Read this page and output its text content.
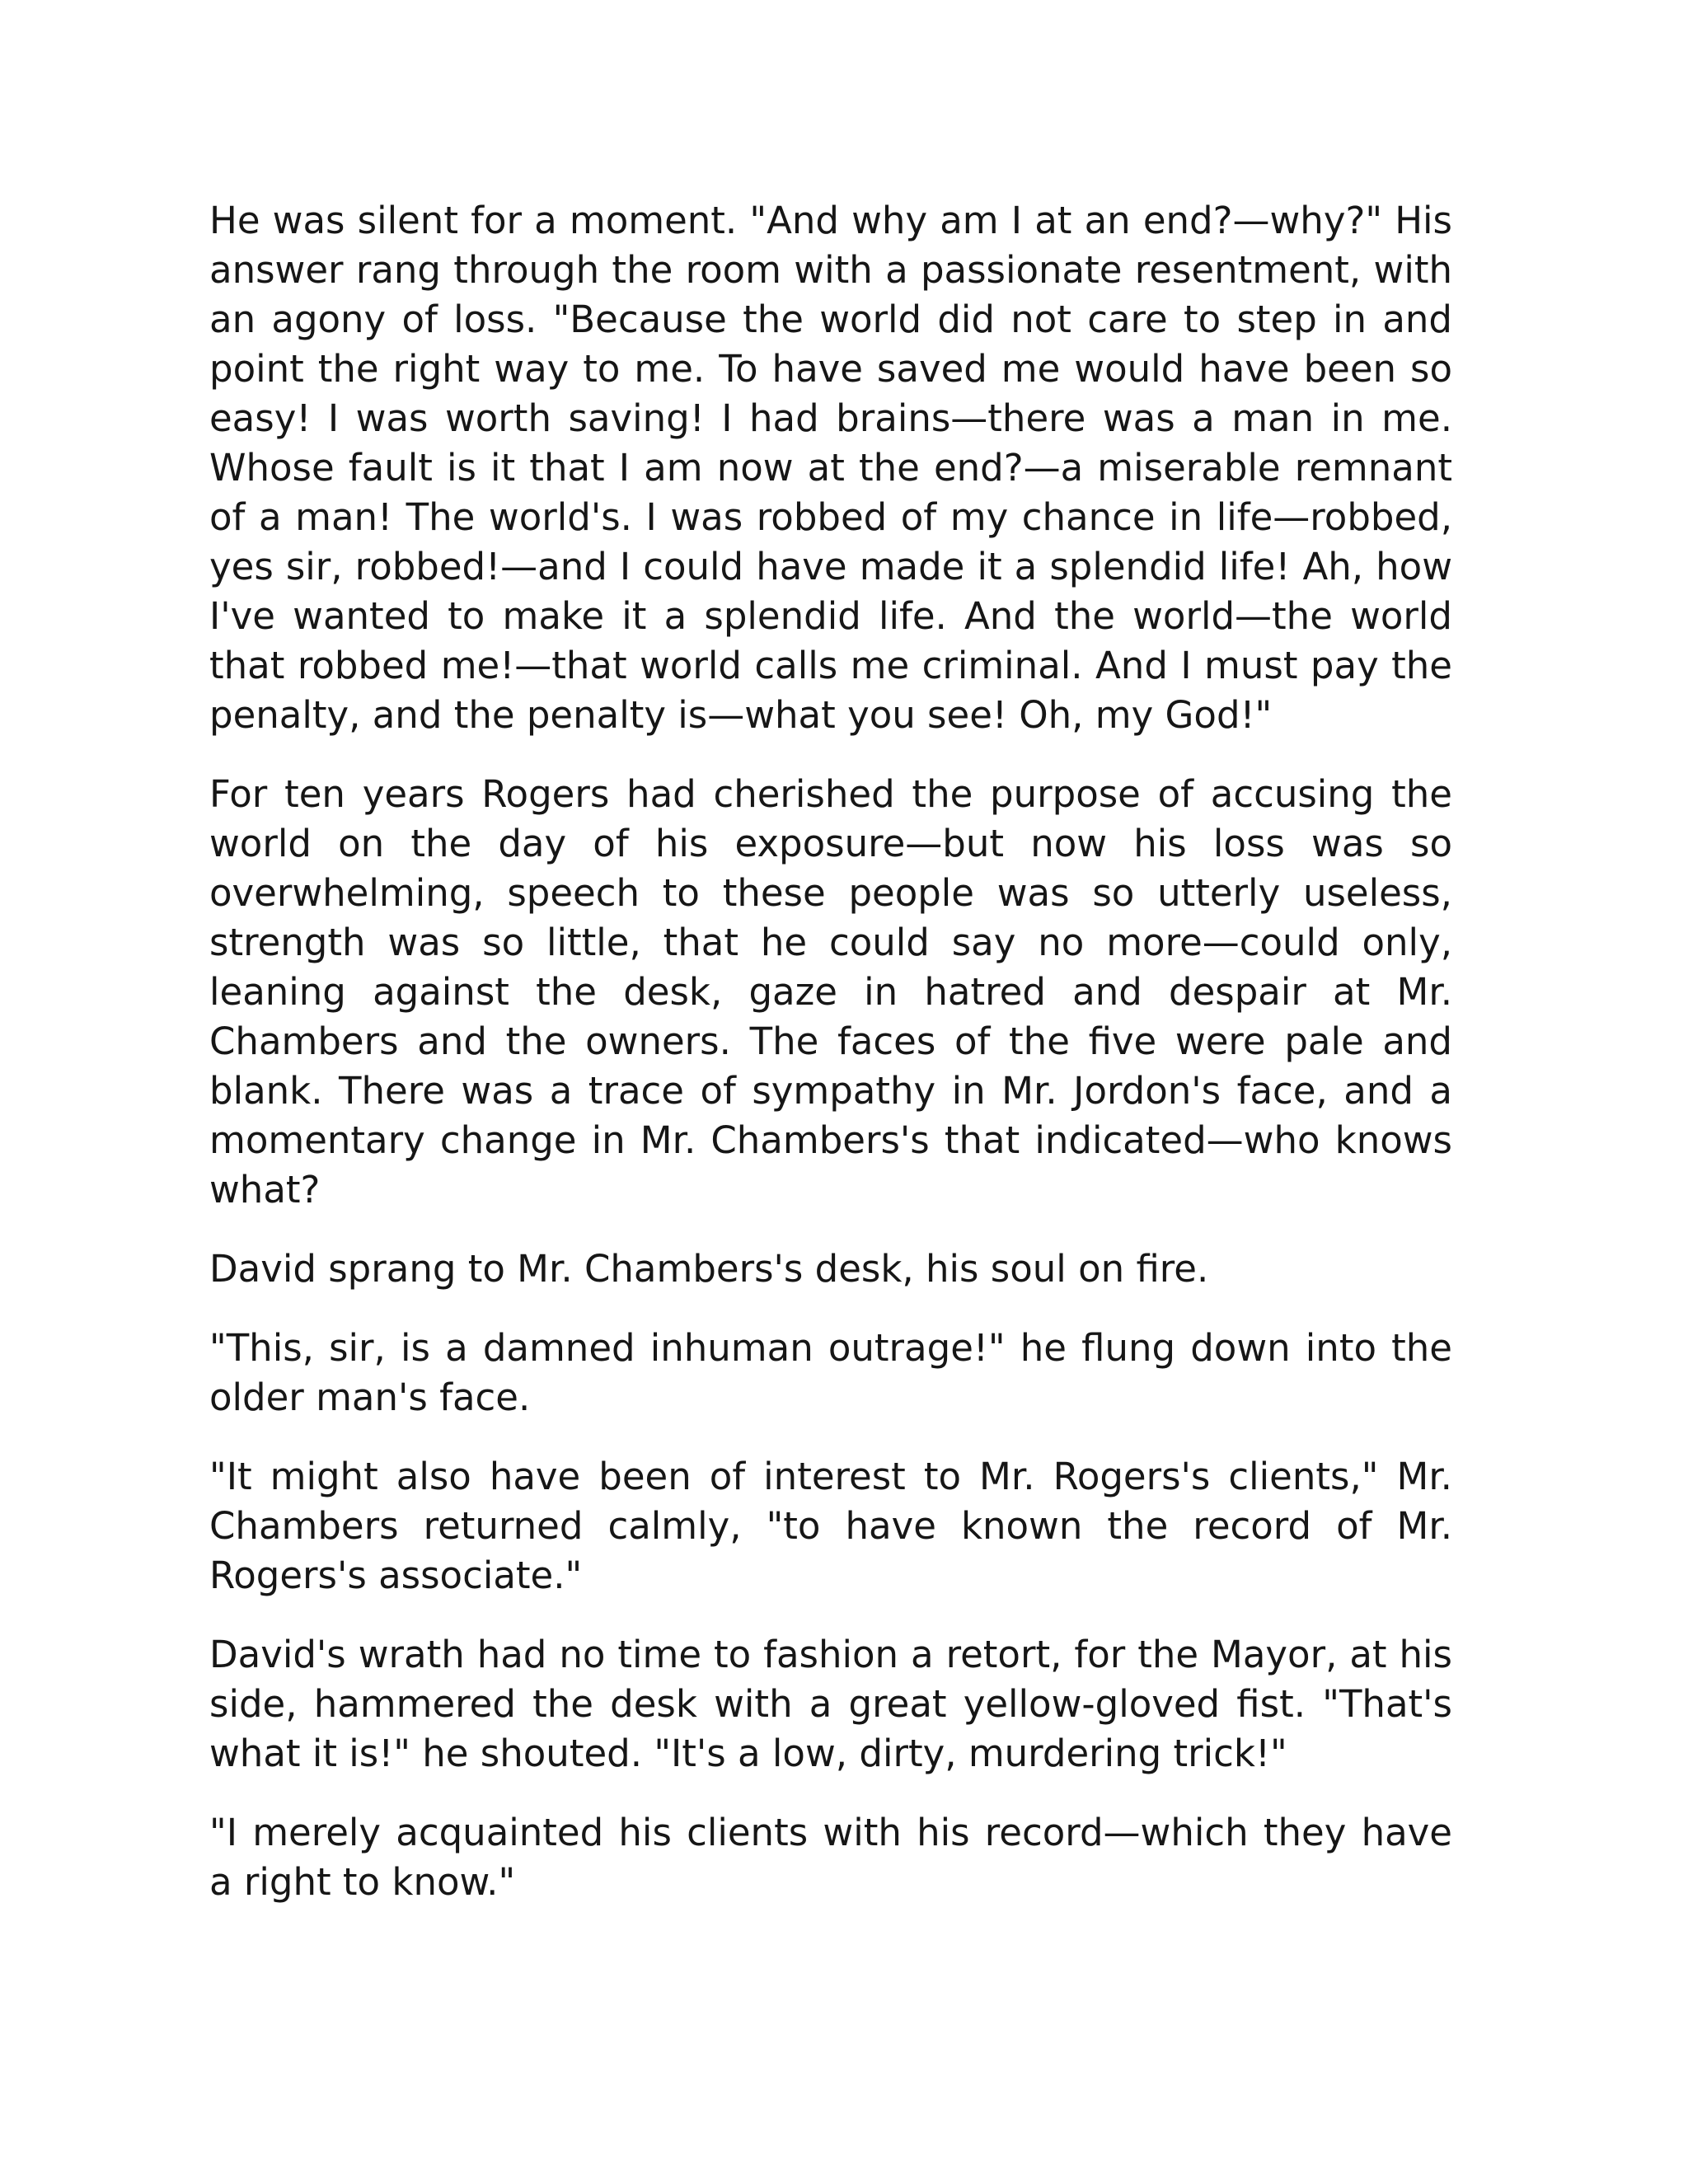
He was silent for a moment. "And why am I at an end?—why?" His answer rang through the room with a passionate resentment, with an agony of loss. "Because the world did not care to step in and point the right way to me. To have saved me would have been so easy! I was worth saving! I had brains—there was a man in me. Whose fault is it that I am now at the end?—a miserable remnant of a man! The world's. I was robbed of my chance in life—robbed, yes sir, robbed!—and I could have made it a splendid life! Ah, how I've wanted to make it a splendid life. And the world—the world that robbed me!—that world calls me criminal. And I must pay the penalty, and the penalty is—what you see! Oh, my God!"

For ten years Rogers had cherished the purpose of accusing the world on the day of his exposure—but now his loss was so overwhelming, speech to these people was so utterly useless, strength was so little, that he could say no more—could only, leaning against the desk, gaze in hatred and despair at Mr. Chambers and the owners. The faces of the five were pale and blank. There was a trace of sympathy in Mr. Jordon's face, and a momentary change in Mr. Chambers's that indicated—who knows what?

David sprang to Mr. Chambers's desk, his soul on fire.

"This, sir, is a damned inhuman outrage!" he flung down into the older man's face.

"It might also have been of interest to Mr. Rogers's clients," Mr. Chambers returned calmly, "to have known the record of Mr. Rogers's associate."

David's wrath had no time to fashion a retort, for the Mayor, at his side, hammered the desk with a great yellow-gloved fist. "That's what it is!" he shouted. "It's a low, dirty, murdering trick!"

"I merely acquainted his clients with his record—which they have a right to know."
